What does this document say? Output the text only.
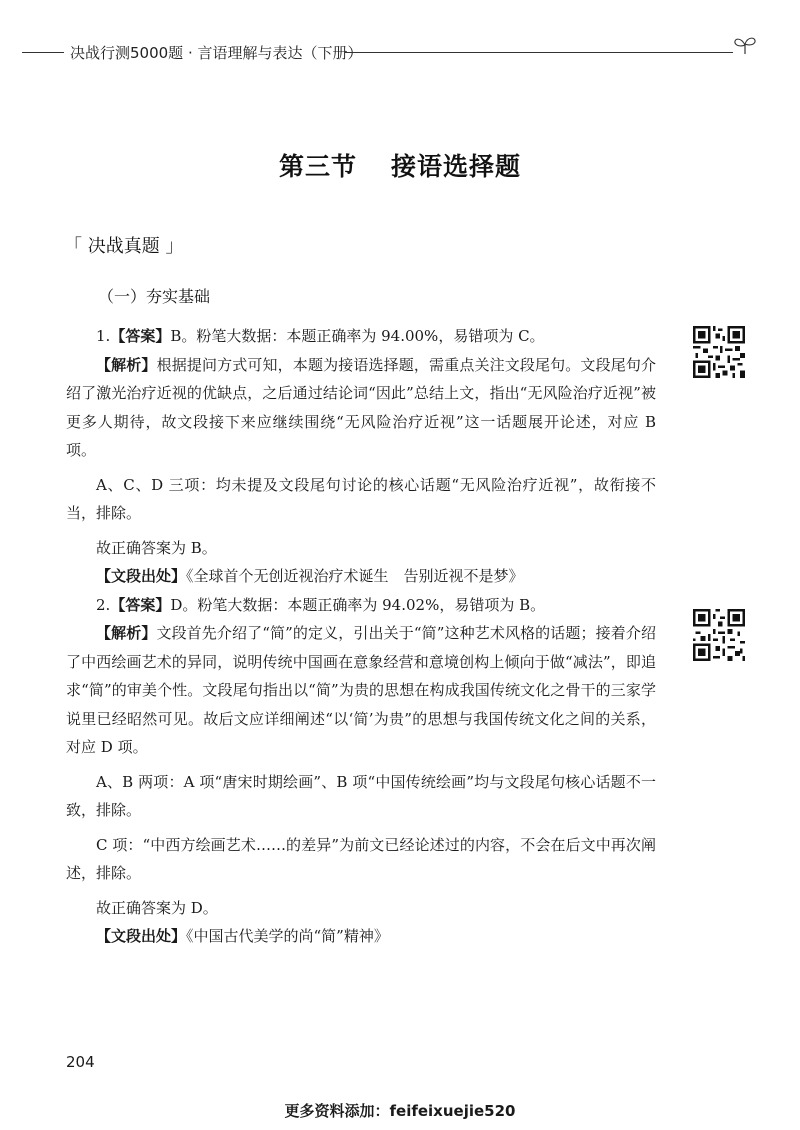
决战行测5000题 · 言语理解与表达（下册）
第三节 接语选择题
「 决战真题 」
（一）夯实基础

1.【答案】B。粉笔大数据：本题正确率为 94.00%，易错项为 C。

【解析】根据提问方式可知，本题为接语选择题，需重点关注文段尾句。文段尾句介绍了激光治疗近视的优缺点，之后通过结论词“因此”总结上文，指出“无风险治疗近视”被更多人期待，故文段接下来应继续围绕“无风险治疗近视”这一话题展开论述，对应 B 项。

A、C、D 三项：均未提及文段尾句讨论的核心话题“无风险治疗近视”，故衔接不当，排除。

故正确答案为 B。

【文段出处】《全球首个无创近视治疗术诞生　告别近视不是梦》

2.【答案】D。粉笔大数据：本题正确率为 94.02%，易错项为 B。

【解析】文段首先介绍了“简”的定义，引出关于“简”这种艺术风格的话题；接着介绍了中西绘画艺术的异同，说明传统中国画在意象经营和意境创构上倾向于做“减法”，即追求“简”的审美个性。文段尾句指出以“简”为贵的思想在构成我国传统文化之骨干的三家学说里已经昭然可见。故后文应详细阐述“以‘简’为贵”的思想与我国传统文化之间的关系，对应 D 项。

A、B 两项：A 项“唐宋时期绘画”、B 项“中国传统绘画”均与文段尾句核心话题不一致，排除。

C 项：“中西方绘画艺术……的差异”为前文已经论述过的内容，不会在后文中再次阐述，排除。

故正确答案为 D。

【文段出处】《中国古代美学的尚“简”精神》

204
更多资料添加：feifeixuejie520
